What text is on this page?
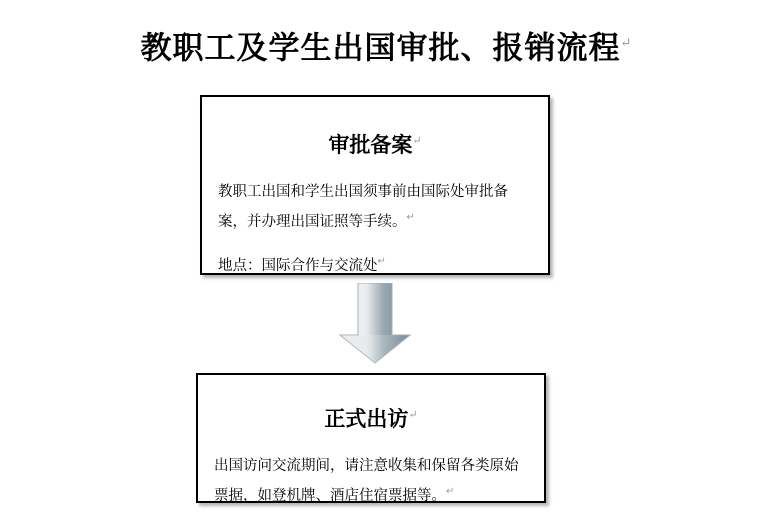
教职工及学生出国审批、报销流程↵
审批备案↵

教职工出国和学生出国须事前由国际处审批备案，并办理出国证照等手续。↵

地点：国际合作与交流处↵

正式出访↵

出国访问交流期间，请注意收集和保留各类原始票据，如登机牌、酒店住宿票据等。↵
